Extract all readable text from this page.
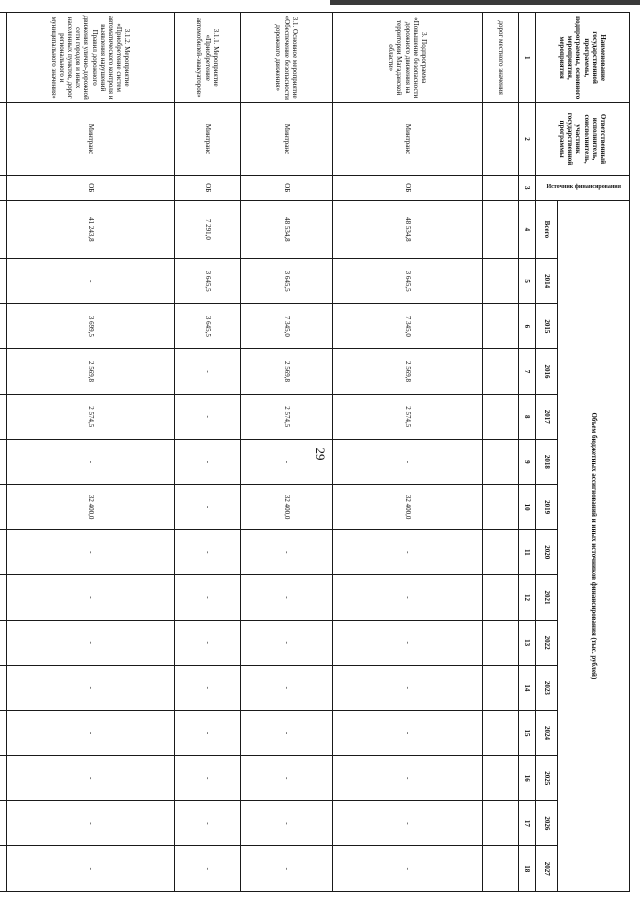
29
Наименование государственной программы, подпрограммы, основного мероприятия, мероприятия	Ответственный исполнитель, соисполнитель, участник государственной программы	Источник финансирования	Объем бюджетных ассигнований и иных источников финансирования (тыс. рублей)														
			Всего	2014	2015	2016	2017	2018	2019	2020	2021	2022	2023	2024	2025	2026	2027
1	2	3	4	5	6	7	8	9	10	11	12	13	14	15	16	17	18
дорог местного значения																	
3. Подпрограмма «Повышение безопасности дорожного движения на территории Магаданской области»	Минтранс	ОБ	48 534,8	3 645,5	7 345,0	2 569,8	2 574,5	-	32 400,0	-	-	-	-	-	-	-	-
3.1. Основное мероприятие «Обеспечение безопасности дорожного движения»	Минтранс	ОБ	48 534,8	3 645,5	7 345,0	2 569,8	2 574,5	-	32 400,0	-	-	-	-	-	-	-	-
3.1.1. Мероприятие «Приобретение автомобилей-эвакуаторов»	Минтранс	ОБ	7 291,0	3 645,5	3 645,5	-	-	-	-	-	-	-	-	-	-	-	-
3.1.2. Мероприятие «Приобретение систем автоматического контроля и выявления нарушений Правил дорожного движения улично-дорожной сети городов и иных населенных пунктов, дорог регионального и муниципального значения»	Минтранс	ОБ	41 243,8	-	3 699,5	2 569,8	2 574,5	-	32 400,0	-	-	-	-	-	-	-	-
